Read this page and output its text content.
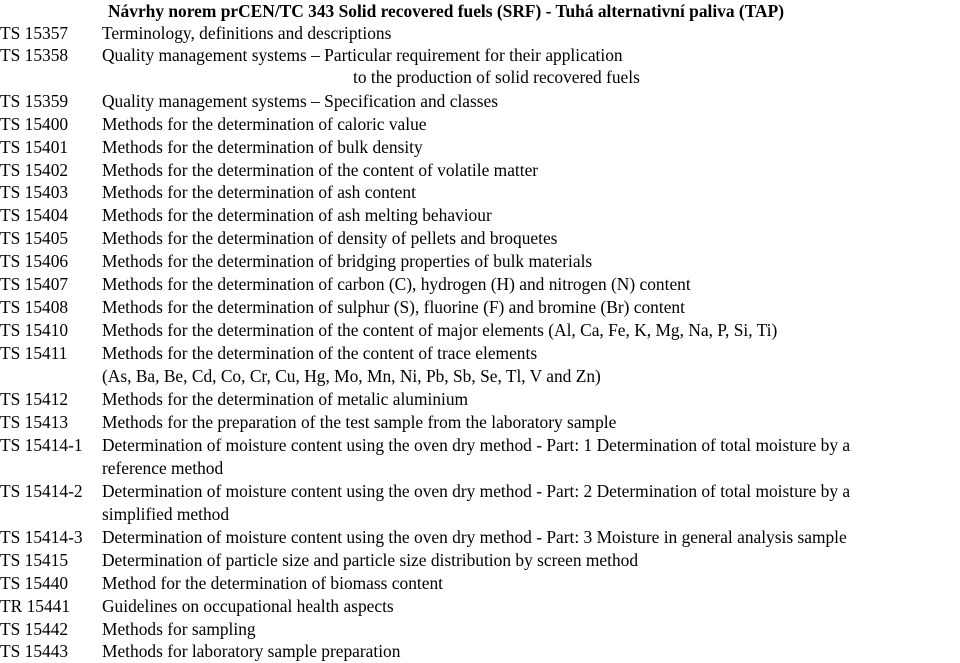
Návrhy norem prCEN/TC 343 Solid recovered fuels (SRF) - Tuhá alternativní paliva (TAP)
TS 15357 Terminology, definitions and descriptions
TS 15358 Quality management systems – Particular requirement for their application
to the production of solid recovered fuels
TS 15359 Quality management systems – Specification and classes
TS 15400 Methods for the determination of caloric value
TS 15401 Methods for the determination of bulk density
TS 15402 Methods for the determination of the content of volatile matter
TS 15403 Methods for the determination of ash content
TS 15404 Methods for the determination of ash melting behaviour
TS 15405 Methods for the determination of density of pellets and broquetes
TS 15406 Methods for the determination of bridging properties of bulk materials
TS 15407 Methods for the determination of carbon (C), hydrogen (H) and nitrogen (N) content
TS 15408 Methods for the determination of sulphur (S), fluorine (F) and bromine (Br) content
TS 15410 Methods for the determination of the content of major elements (Al, Ca, Fe, K, Mg, Na, P, Si, Ti)
TS 15411 Methods for the determination of the content of trace elements
(As, Ba, Be, Cd, Co, Cr, Cu, Hg, Mo, Mn, Ni, Pb, Sb, Se, Tl, V and Zn)
TS 15412 Methods for the determination of metalic aluminium
TS 15413 Methods for the preparation of the test sample from the laboratory sample
TS 15414-1 Determination of moisture content using the oven dry method - Part: 1 Determination of total moisture by a
reference method
TS 15414-2 Determination of moisture content using the oven dry method - Part: 2 Determination of total moisture by a
simplified method
TS 15414-3 Determination of moisture content using the oven dry method - Part: 3 Moisture in general analysis sample
TS 15415 Determination of particle size and particle size distribution by screen method
TS 15440 Method for the determination of biomass content
TR 15441 Guidelines on occupational health aspects
TS 15442 Methods for sampling
TS 15443 Methods for laboratory sample preparation
